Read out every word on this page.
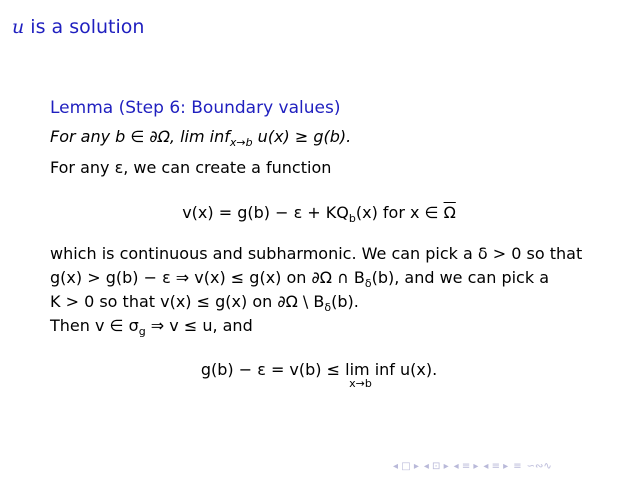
u is a solution
Lemma (Step 6: Boundary values)
For any b ∈ ∂Ω, lim inf$_{x\to b}$ u(x) ≥ g(b).
For any ε, we can create a function
$v(x) = g(b) - \varepsilon + KQ_b(x)$ for x ∈ $\overline{\Omega}$
which is continuous and subharmonic. We can pick a δ > 0 so that
g(x) > g(b) − ε ⇒ v(x) ≤ g(x) on ∂Ω ∩ $B_\delta(b)$, and we can pick a
K > 0 so that v(x) ≤ g(x) on ∂Ω \ $B_\delta(b)$.
Then v ∈ $\sigma_g$ ⇒ v ≤ u, and
g(b) − ε = v(b) ≤ lim inf
x→b
u(x).
◂ □ ▸ ◂ ⊡ ▸ ◂ ≡ ▸ ◂ ≡ ▸ ≡ ∽∾∿
